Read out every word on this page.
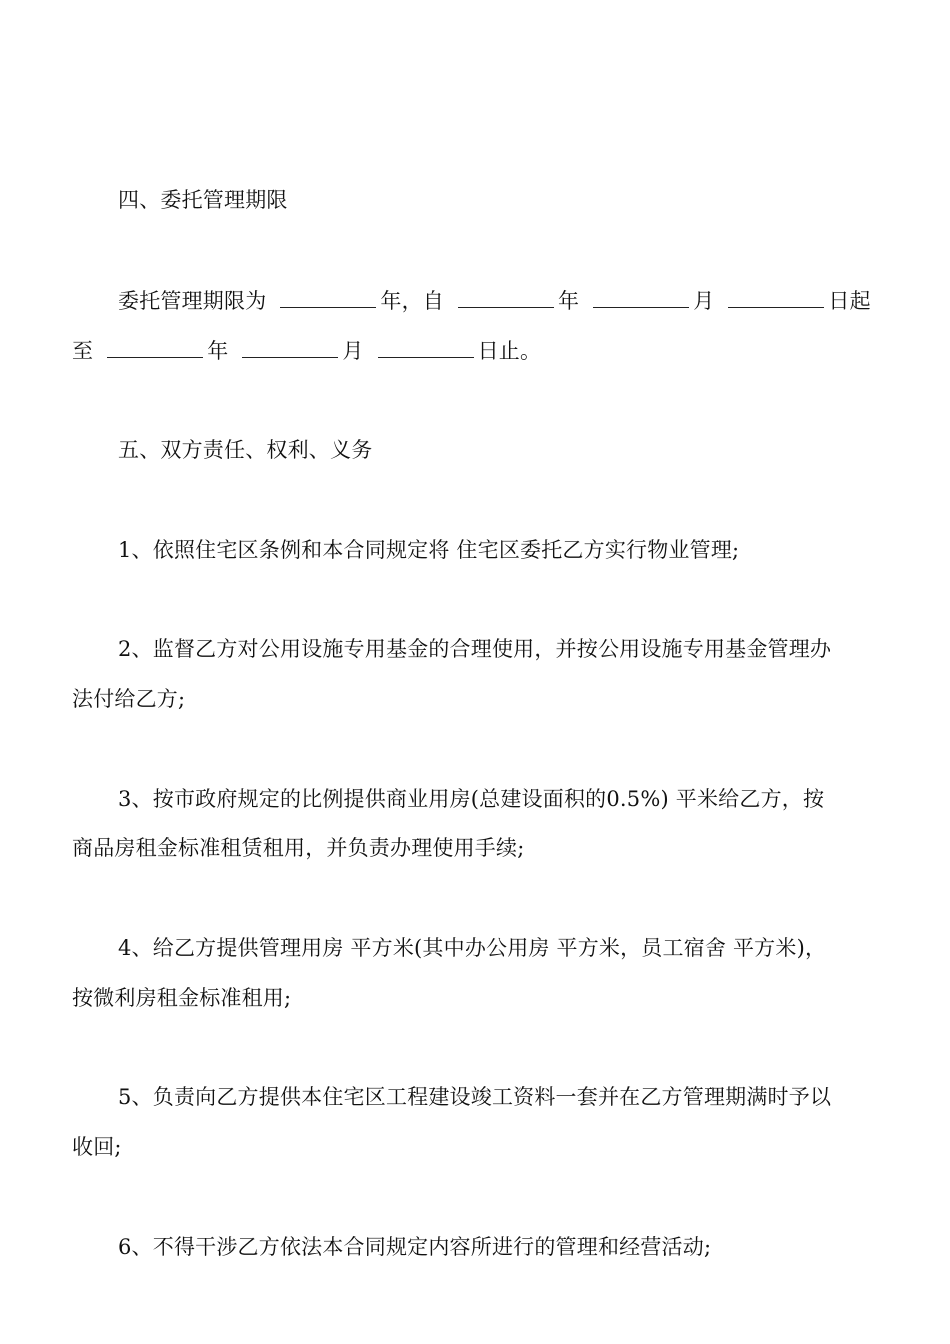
四、委托管理期限
委托管理期限为	年，自	年	月	日起
至	年	月	日止。
五、双方责任、权利、义务
1、依照住宅区条例和本合同规定将 住宅区委托乙方实行物业管理;
2、监督乙方对公用设施专用基金的合理使用，并按公用设施专用基金管理办
法付给乙方;
3、按市政府规定的比例提供商业用房(总建设面积的0.5%) 平米给乙方，按
商品房租金标准租赁租用，并负责办理使用手续;
4、给乙方提供管理用房 平方米(其中办公用房 平方米，员工宿舍 平方米)，
按微利房租金标准租用;
5、负责向乙方提供本住宅区工程建设竣工资料一套并在乙方管理期满时予以
收回;
6、不得干涉乙方依法本合同规定内容所进行的管理和经营活动;
